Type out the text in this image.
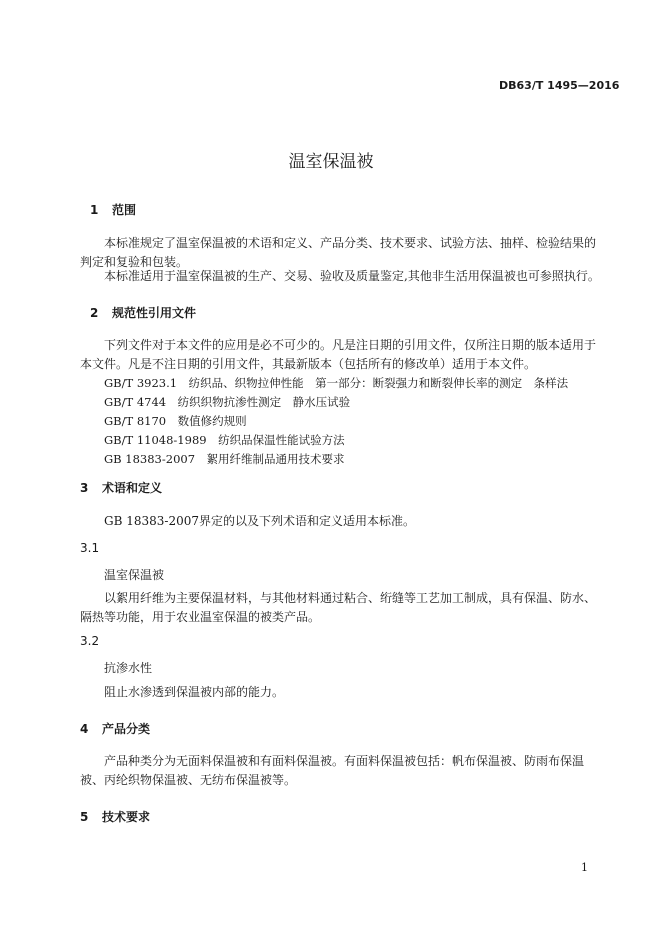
DB63/T 1495—2016
温室保温被
1 范围
本标准规定了温室保温被的术语和定义、产品分类、技术要求、试验方法、抽样、检验结果的判定和复验和包装。
本标准适用于温室保温被的生产、交易、验收及质量鉴定,其他非生活用保温被也可参照执行。
2 规范性引用文件
下列文件对于本文件的应用是必不可少的。凡是注日期的引用文件，仅所注日期的版本适用于本文件。凡是不注日期的引用文件，其最新版本（包括所有的修改单）适用于本文件。
GB/T 3923.1　纺织品、织物拉伸性能　第一部分：断裂强力和断裂伸长率的测定　条样法
GB/T 4744　纺织织物抗渗性测定　静水压试验
GB/T 8170　数值修约规则
GB/T 11048-1989　纺织品保温性能试验方法
GB 18383-2007　絮用纤维制品通用技术要求
3 术语和定义
GB 18383-2007界定的以及下列术语和定义适用本标准。
3.1
温室保温被
以絮用纤维为主要保温材料，与其他材料通过粘合、绗缝等工艺加工制成，具有保温、防水、隔热等功能，用于农业温室保温的被类产品。
3.2
抗渗水性
阻止水渗透到保温被内部的能力。
4 产品分类
产品种类分为无面料保温被和有面料保温被。有面料保温被包括：帆布保温被、防雨布保温被、丙纶织物保温被、无纺布保温被等。
5 技术要求
1
